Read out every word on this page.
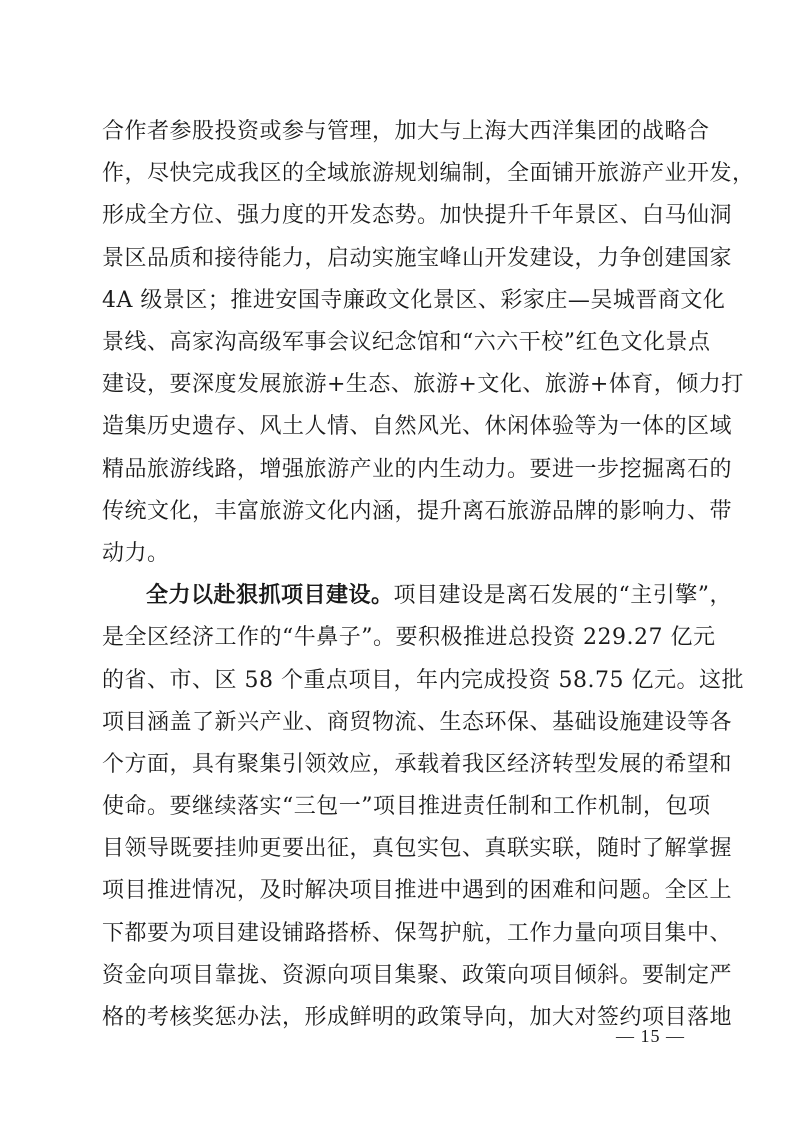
合作者参股投资或参与管理，加大与上海大西洋集团的战略合
作，尽快完成我区的全域旅游规划编制，全面铺开旅游产业开发，
形成全方位、强力度的开发态势。加快提升千年景区、白马仙洞
景区品质和接待能力，启动实施宝峰山开发建设，力争创建国家
4A 级景区；推进安国寺廉政文化景区、彩家庄—吴城晋商文化
景线、高家沟高级军事会议纪念馆和“六六干校”红色文化景点
建设，要深度发展旅游+生态、旅游+文化、旅游+体育，倾力打
造集历史遗存、风土人情、自然风光、休闲体验等为一体的区域
精品旅游线路，增强旅游产业的内生动力。要进一步挖掘离石的
传统文化，丰富旅游文化内涵，提升离石旅游品牌的影响力、带
动力。
全力以赴狠抓项目建设。项目建设是离石发展的“主引擎”，
是全区经济工作的“牛鼻子”。要积极推进总投资 229.27 亿元
的省、市、区 58 个重点项目，年内完成投资 58.75 亿元。这批
项目涵盖了新兴产业、商贸物流、生态环保、基础设施建设等各
个方面，具有聚集引领效应，承载着我区经济转型发展的希望和
使命。要继续落实“三包一”项目推进责任制和工作机制，包项
目领导既要挂帅更要出征，真包实包、真联实联，随时了解掌握
项目推进情况，及时解决项目推进中遇到的困难和问题。全区上
下都要为项目建设铺路搭桥、保驾护航，工作力量向项目集中、
资金向项目靠拢、资源向项目集聚、政策向项目倾斜。要制定严
格的考核奖惩办法，形成鲜明的政策导向，加大对签约项目落地
— 15 —
